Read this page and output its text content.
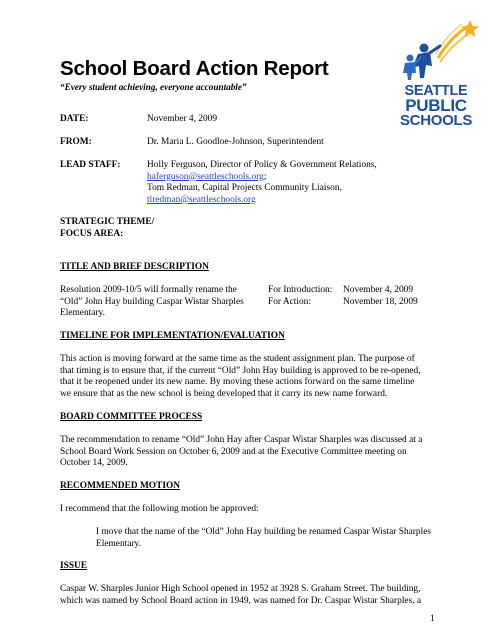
School Board Action Report
“Every student achieving, everyone accountable”	SEATTLE
PUBLIC
SCHOOLS
DATE:	November 4, 2009
FROM:	Dr. Maria L. Goodloe-Johnson, Superintendent
LEAD STAFF:	Holly Ferguson, Director of Policy & Government Relations,
haferguson@seattleschools.org;
Tom Redman, Capital Projects Community Liaison,
tlredman@seattleschools.org
STRATEGIC THEME/
FOCUS AREA:
TITLE AND BRIEF DESCRIPTION
Resolution 2009-10/5 will formally rename the
“Old” John Hay building Caspar Wistar Sharples
Elementary.
For Introduction: November 4, 2009
For Action:	November 18, 2009
TIMELINE FOR IMPLEMENTATION/EVALUATION
This action is moving forward at the same time as the student assignment plan. The purpose of
that timing is to ensure that, if the current “Old” John Hay building is approved to be re-opened,
that it be reopened under its new name. By moving these actions forward on the same timeline
we ensure that as the new school is being developed that it carry its new name forward.
BOARD COMMITTEE PROCESS
The recommendation to rename “Old” John Hay after Caspar Wistar Sharples was discussed at a
School Board Work Session on October 6, 2009 and at the Executive Committee meeting on
October 14, 2009.
RECOMMENDED MOTION
I recommend that the following motion be approved:
I move that the name of the “Old” John Hay building be renamed Caspar Wistar Sharples
Elementary.
ISSUE
Caspar W. Sharples Junior High School opened in 1952 at 3928 S. Graham Street. The building,
which was named by School Board action in 1949, was named for Dr. Caspar Wistar Sharples, a
1
